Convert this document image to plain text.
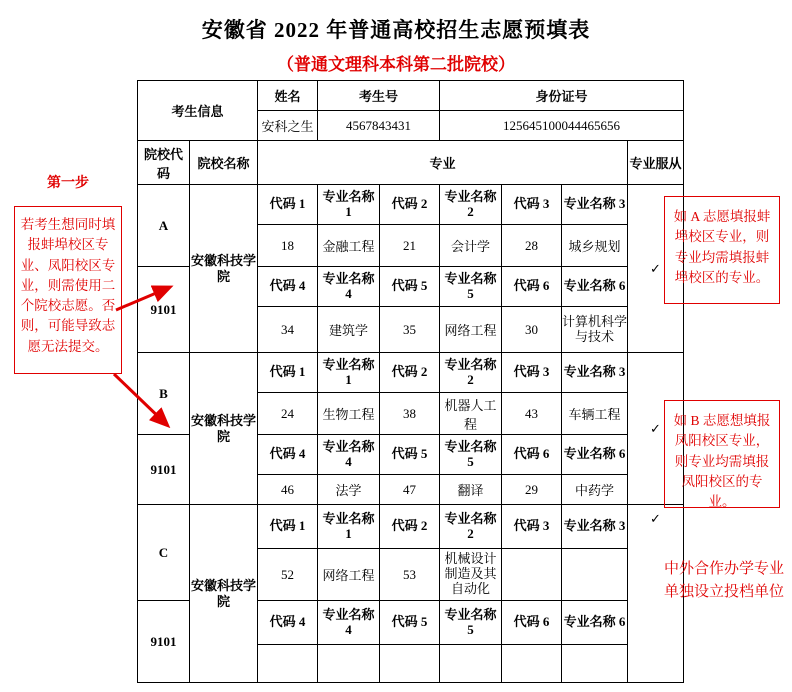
安徽省 2022 年普通高校招生志愿预填表
（普通文理科本科第二批院校）
考生信息		姓名	考生号		身份证号			
		安科之生	4567843431		125645100044465656			
院校代码	院校名称	专业						专业服从
A	安徽科技学院	代码 1	专业名称 1	代码 2	专业名称 2	代码 3	专业名称 3	✓
		18	金融工程	21	会计学	28	城乡规划	
9101		代码 4	专业名称 4	代码 5	专业名称 5	代码 6	专业名称 6	
		34	建筑学	35	网络工程	30	计算机科学与技术	
B	安徽科技学院	代码 1	专业名称 1	代码 2	专业名称 2	代码 3	专业名称 3	✓
		24	生物工程	38	机器人工程	43	车辆工程	
9101		代码 4	专业名称 4	代码 5	专业名称 5	代码 6	专业名称 6	
		46	法学	47	翻译	29	中药学	
C	安徽科技学院	代码 1	专业名称 1	代码 2	专业名称 2	代码 3	专业名称 3	✓
		52	网络工程	53	机械设计制造及其自动化			
9101		代码 4	专业名称 4	代码 5	专业名称 5	代码 6	专业名称 6	

第一步
若考生想同时填报蚌埠校区专业、凤阳校区专业，则需使用二个院校志愿。否则，可能导致志愿无法提交。
如 A 志愿填报蚌埠校区专业，则专业均需填报蚌埠校区的专业。
如 B 志愿想填报凤阳校区专业，则专业均需填报凤阳校区的专业。
中外合作办学专业单独设立投档单位
